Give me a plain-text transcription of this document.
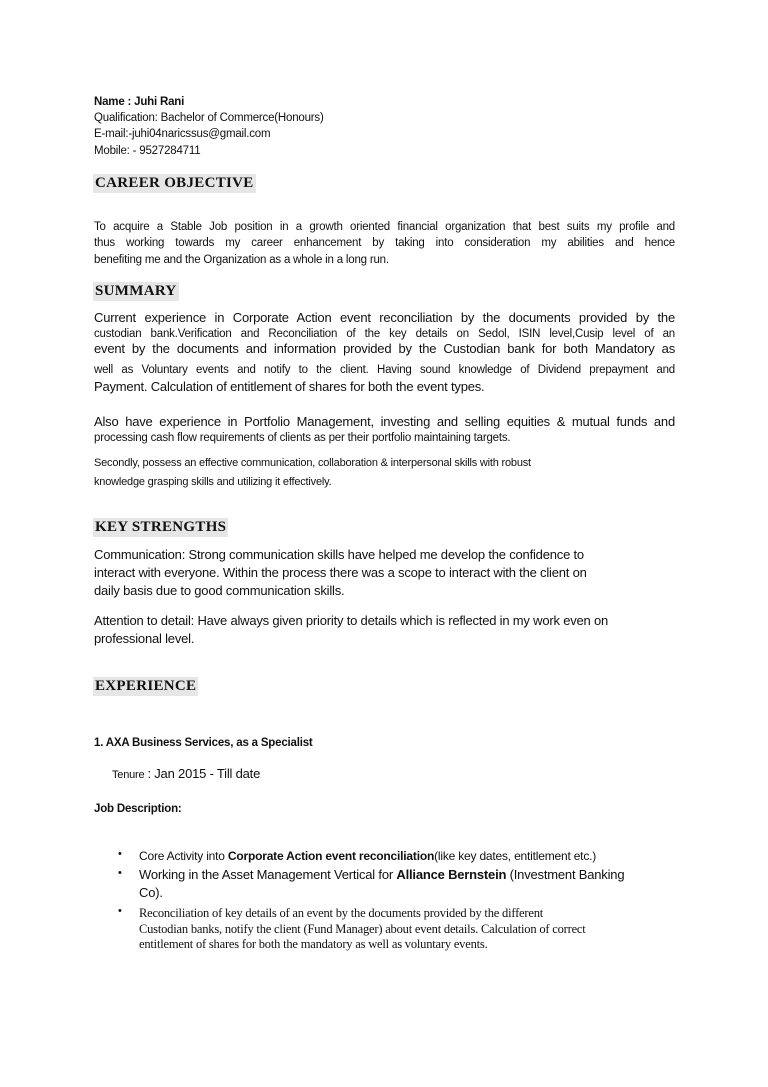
Name : Juhi Rani
Qualification: Bachelor of Commerce(Honours)
E-mail:-juhi04naricssus@gmail.com
Mobile: - 9527284711
CAREER OBJECTIVE
To acquire a Stable Job position in a growth oriented financial organization that best suits my profile and
thus working towards my career enhancement by taking into consideration my abilities and hence
benefiting me and the Organization as a whole in a long run.
SUMMARY
Current experience in Corporate Action event reconciliation by the documents provided by the
custodian bank.Verification and Reconciliation of the key details on Sedol, ISIN level,Cusip level of an
event by the documents and information provided by the Custodian bank for both Mandatory as
well as Voluntary events and notify to the client. Having sound knowledge of Dividend prepayment and
Payment. Calculation of entitlement of shares for both the event types.
Also have experience in Portfolio Management, investing and selling equities & mutual funds and
processing cash flow requirements of clients as per their portfolio maintaining targets.
Secondly, possess an effective communication, collaboration & interpersonal skills with robust
knowledge grasping skills and utilizing it effectively.
KEY STRENGTHS
Communication: Strong communication skills have helped me develop the confidence to
interact with everyone. Within the process there was a scope to interact with the client on
daily basis due to good communication skills.
Attention to detail: Have always given priority to details which is reflected in my work even on
professional level.
EXPERIENCE
1. AXA Business Services, as a Specialist
Tenure : Jan 2015 - Till date
Job Description:
• Core Activity into Corporate Action event reconciliation(like key dates, entitlement etc.)
• Working in the Asset Management Vertical for Alliance Bernstein (Investment Banking
Co).
• Reconciliation of key details of an event by the documents provided by the different
Custodian banks, notify the client (Fund Manager) about event details. Calculation of correct
entitlement of shares for both the mandatory as well as voluntary events.
